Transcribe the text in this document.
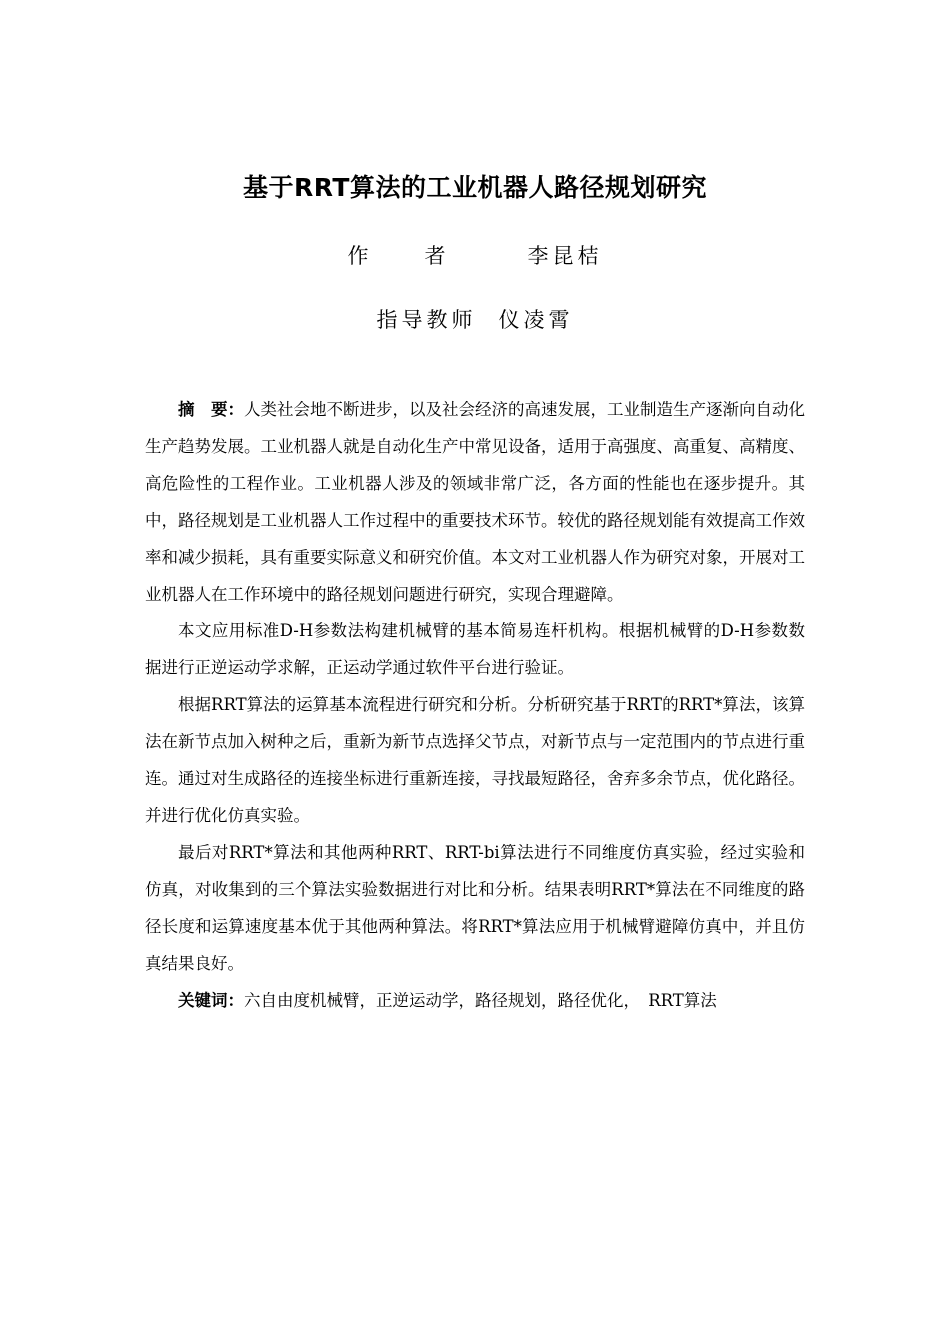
基于RRT算法的工业机器人路径规划研究
作者 李昆桔
指导教师 仪凌霄

摘　要：人类社会地不断进步，以及社会经济的高速发展，工业制造生产逐渐向自动化生产趋势发展。工业机器人就是自动化生产中常见设备，适用于高强度、高重复、高精度、高危险性的工程作业。工业机器人涉及的领域非常广泛，各方面的性能也在逐步提升。其中，路径规划是工业机器人工作过程中的重要技术环节。较优的路径规划能有效提高工作效率和减少损耗，具有重要实际意义和研究价值。本文对工业机器人作为研究对象，开展对工业机器人在工作环境中的路径规划问题进行研究，实现合理避障。

本文应用标准D-H参数法构建机械臂的基本简易连杆机构。根据机械臂的D-H参数数据进行正逆运动学求解，正运动学通过软件平台进行验证。

根据RRT算法的运算基本流程进行研究和分析。分析研究基于RRT的RRT*算法，该算法在新节点加入树种之后，重新为新节点选择父节点，对新节点与一定范围内的节点进行重连。通过对生成路径的连接坐标进行重新连接，寻找最短路径，舍弃多余节点，优化路径。并进行优化仿真实验。

最后对RRT*算法和其他两种RRT、RRT-bi算法进行不同维度仿真实验，经过实验和仿真，对收集到的三个算法实验数据进行对比和分析。结果表明RRT*算法在不同维度的路径长度和运算速度基本优于其他两种算法。将RRT*算法应用于机械臂避障仿真中，并且仿真结果良好。

关键词：六自由度机械臂，正逆运动学，路径规划，路径优化，　RRT算法
